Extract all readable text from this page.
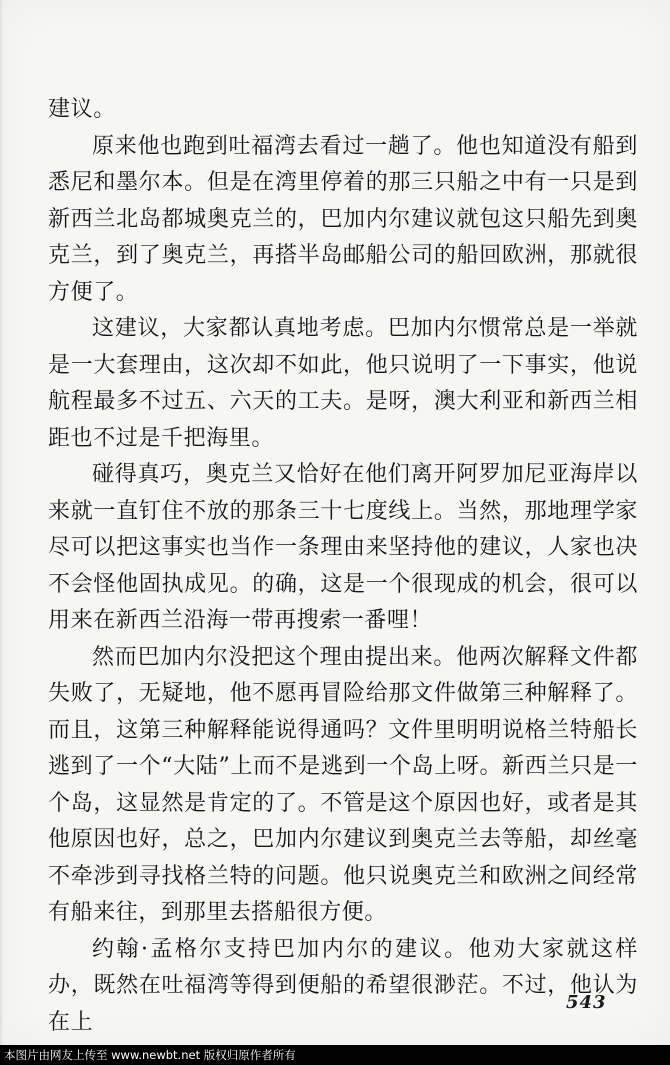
建议。

原来他也跑到吐福湾去看过一趟了。他也知道没有船到悉尼和墨尔本。但是在湾里停着的那三只船之中有一只是到新西兰北岛都城奥克兰的，巴加内尔建议就包这只船先到奥克兰，到了奥克兰，再搭半岛邮船公司的船回欧洲，那就很方便了。

这建议，大家都认真地考虑。巴加内尔惯常总是一举就是一大套理由，这次却不如此，他只说明了一下事实，他说航程最多不过五、六天的工夫。是呀，澳大利亚和新西兰相距也不过是千把海里。

碰得真巧，奥克兰又恰好在他们离开阿罗加尼亚海岸以来就一直钉住不放的那条三十七度线上。当然，那地理学家尽可以把这事实也当作一条理由来坚持他的建议，人家也决不会怪他固执成见。的确，这是一个很现成的机会，很可以用来在新西兰沿海一带再搜索一番哩！

然而巴加内尔没把这个理由提出来。他两次解释文件都失败了，无疑地，他不愿再冒险给那文件做第三种解释了。而且，这第三种解释能说得通吗？文件里明明说格兰特船长逃到了一个“大陆”上而不是逃到一个岛上呀。新西兰只是一个岛，这显然是肯定的了。不管是这个原因也好，或者是其他原因也好，总之，巴加内尔建议到奥克兰去等船，却丝毫不牵涉到寻找格兰特的问题。他只说奥克兰和欧洲之间经常有船来往，到那里去搭船很方便。

约翰·孟格尔支持巴加内尔的建议。他劝大家就这样办，既然在吐福湾等得到便船的希望很渺茫。不过，他认为在上

543
本图片由网友上传至 www.newbt.net 版权归原作者所有
